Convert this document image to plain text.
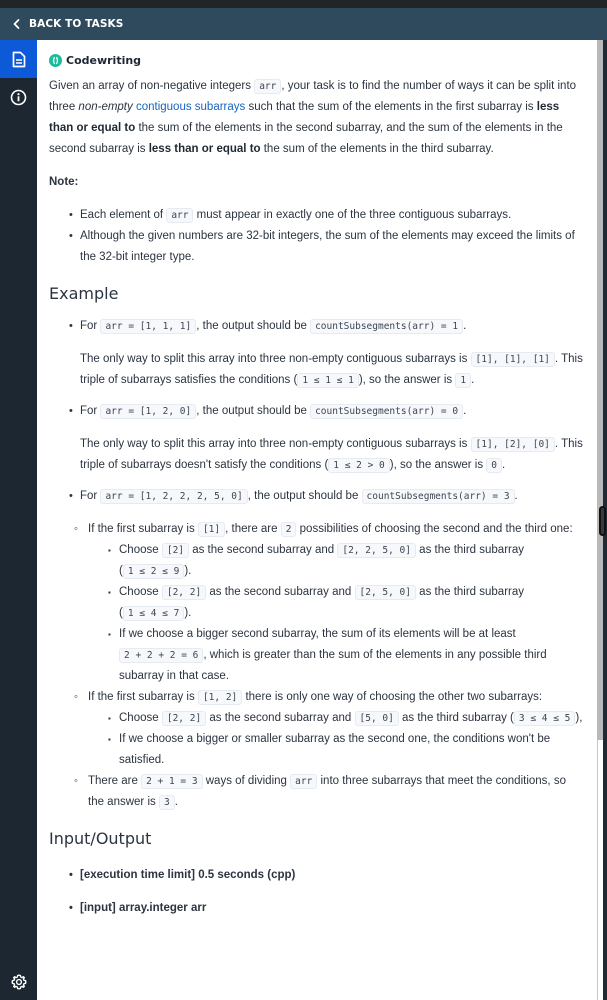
BACK TO TASKS
Codewriting

Given an array of non-negative integers arr , your task is to find the number of ways it can be split into three non-empty contiguous subarrays such that the sum of the elements in the first subarray is less than or equal to the sum of the elements in the second subarray, and the sum of the elements in the second subarray is less than or equal to the sum of the elements in the third subarray.

Note:
• Each element of arr must appear in exactly one of the three contiguous subarrays.
• Although the given numbers are 32-bit integers, the sum of the elements may exceed the limits of the 32-bit integer type.
Example
• For arr = [1, 1, 1] , the output should be countSubsegments(arr) = 1 .

The only way to split this array into three non-empty contiguous subarrays is [1], [1], [1] . This triple of subarrays satisfies the conditions ( 1 ≤ 1 ≤ 1 ), so the answer is 1 .

• For arr = [1, 2, 0] , the output should be countSubsegments(arr) = 0 .

The only way to split this array into three non-empty contiguous subarrays is [1], [2], [0] . This triple of subarrays doesn't satisfy the conditions ( 1 ≤ 2 > 0 ), so the answer is 0 .

• For arr = [1, 2, 2, 2, 5, 0] , the output should be countSubsegments(arr) = 3 .
◦ If the first subarray is [1] , there are 2 possibilities of choosing the second and the third one:
▪ Choose [2] as the second subarray and [2, 2, 5, 0] as the third subarray ( 1 ≤ 2 ≤ 9 ).
▪ Choose [2, 2] as the second subarray and [2, 5, 0] as the third subarray ( 1 ≤ 4 ≤ 7 ).
▪ If we choose a bigger second subarray, the sum of its elements will be at least 2 + 2 + 2 = 6 , which is greater than the sum of the elements in any possible third subarray in that case.
◦ If the first subarray is [1, 2] there is only one way of choosing the other two subarrays:
▪ Choose [2, 2] as the second subarray and [5, 0] as the third subarray ( 3 ≤ 4 ≤ 5 ),
▪ If we choose a bigger or smaller subarray as the second one, the conditions won't be satisfied.
◦ There are 2 + 1 = 3 ways of dividing arr into three subarrays that meet the conditions, so the answer is 3 .
Input/Output
• [execution time limit] 0.5 seconds (cpp)
• [input] array.integer arr
